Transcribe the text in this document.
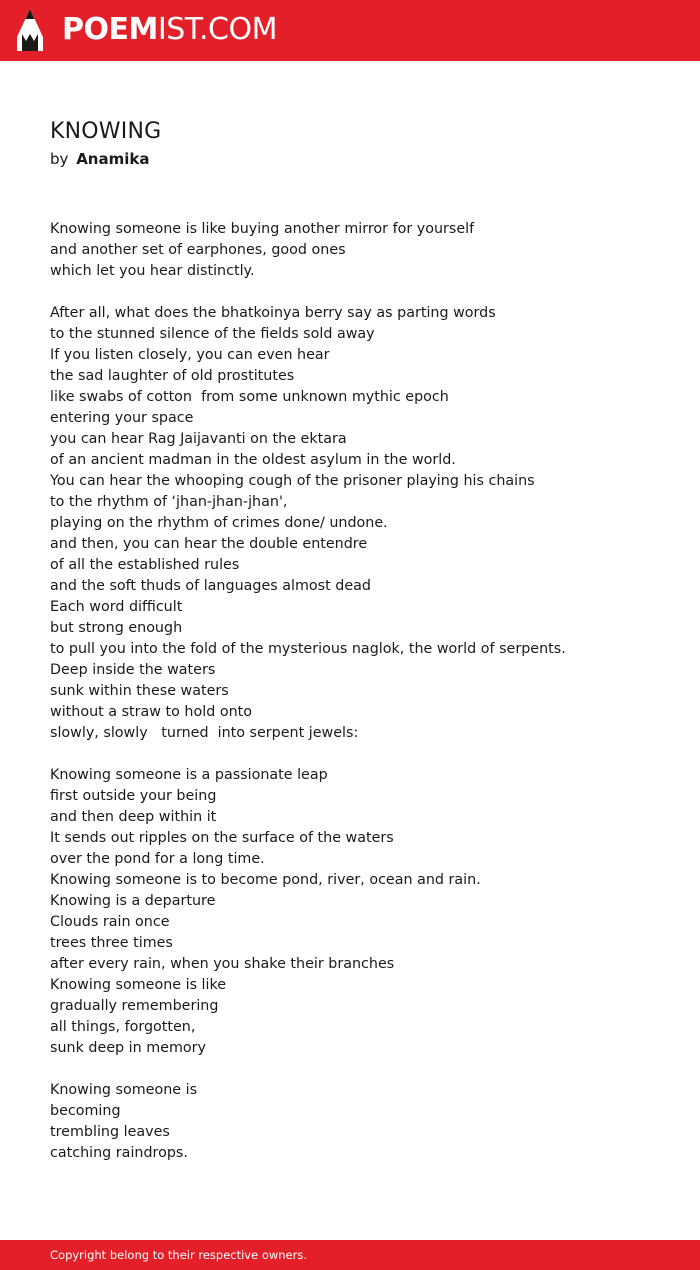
POEMIST.COM
KNOWING
by Anamika
Knowing someone is like buying another mirror for yourself
and another set of earphones, good ones
which let you hear distinctly.
After all, what does the bhatkoinya berry say as parting words
to the stunned silence of the fields sold away
If you listen closely, you can even hear
the sad laughter of old prostitutes
like swabs of cotton  from some unknown mythic epoch
entering your space
you can hear Rag Jaijavanti on the ektara
of an ancient madman in the oldest asylum in the world.
You can hear the whooping cough of the prisoner playing his chains
to the rhythm of ‘jhan-jhan-jhan',
playing on the rhythm of crimes done/ undone.
and then, you can hear the double entendre
of all the established rules
and the soft thuds of languages almost dead
Each word difficult
but strong enough
to pull you into the fold of the mysterious naglok, the world of serpents.
Deep inside the waters
sunk within these waters
without a straw to hold onto
slowly, slowly   turned  into serpent jewels:
Knowing someone is a passionate leap
first outside your being
and then deep within it
It sends out ripples on the surface of the waters
over the pond for a long time.
Knowing someone is to become pond, river, ocean and rain.
Knowing is a departure
Clouds rain once
trees three times
after every rain, when you shake their branches
Knowing someone is like
gradually remembering
all things, forgotten,
sunk deep in memory
Knowing someone is
becoming
trembling leaves
catching raindrops.
Copyright belong to their respective owners.
